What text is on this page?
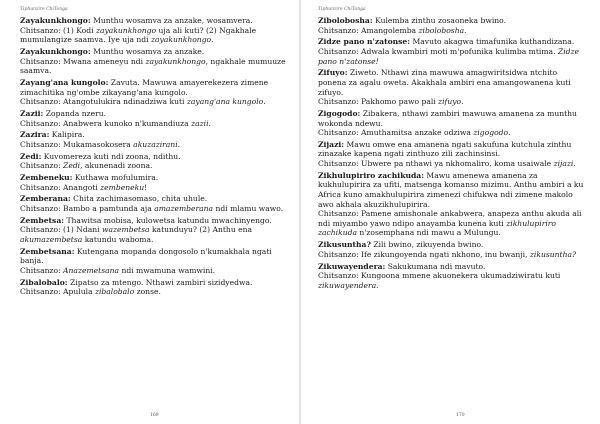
Tiphunzire ChiTonga
Zayakunkhongo: Munthu wosamva za anzake, wosamvera.
Chitsanzo: (1) Kodi zayakunkhongo uja ali kuti? (2) Ngakhale mumulangize saamva. Iye uja ndi zayakunkhongo.
Zayakunkhongo: Munthu wosamva za anzake.
Chitsanzo: Mwana ameneyu ndi zayakunkhongo, ngakhale mumuuze saamva.
Zayang'ana kungolo: Zavuta. Mawuwa amayerekezera zimene zimachitika ng'ombe zikayang'ana kungolo.
Chitsanzo: Atangotulukira ndinadziwa kuti zayang'ana kungolo.
Zazii: Zopanda nzeru.
Chitsanzo: Anabwera kunoko n'kumandiuza zazii.
Zazira: Kalipira.
Chitsanzo: Mukamasokosera akuzazirani.
Zedi: Kuvomereza kuti ndi zoona, ndithu.
Chitsanzo: Zedi, akunenadi zoona.
Zembeneku: Kuthawa mofulumira.
Chitsanzo: Anangoti zembeneku!
Zemberana: Chita zachimasomaso, chita uhule.
Chitsanzo: Bambo a pamtunda aja amazemberana ndi mlamu wawo.
Zembetsa: Thawitsa mobisa, kulowetsa katundu mwachinyengo.
Chitsanzo: (1) Ndani wazembetsa katunduyu? (2) Anthu ena akumazembetsa katundu waboma.
Zembetsana: Kutengana mopanda dongosolo n'kumakhala ngati banja.
Chitsanzo: Anazemetsana ndi mwamuna wamwini.
Zibalobalo: Zipatso za mtengo. Nthawi zambiri sizidyedwa.
Chitsanzo: Apulula zibalobalo zonse.
169
Tiphunzire ChiTonga
Zibolobosha: Kulemba zinthu zosaoneka bwino.
Chitsanzo: Amangolemba zibolobosha.
Zidze pano n'zatonse: Mavuto akagwa timafunika kuthandizana.
Chitsanzo: Adwala kwambiri moti m'pofunika kulimba mtima. Zidze pano n'zatonse!
Zifuyo: Ziweto. Nthawi zina mawuwa amagwiritsidwa ntchito ponena za agalu oweta. Akakhala ambiri ena amangowanena kuti zifuyo.
Chitsanzo: Pakhomo pawo pali zifuyo.
Zigogodo: Zibakera, nthawi zambiri mawuwa amanena za munthu wokonda ndewu.
Chitsanzo: Amuthamitsa anzake odziwa zigogodo.
Zijazi: Mawu omwe ena amanena ngati sakufuna kutchula zinthu zinazake kapena ngati zinthuzo zili zachinsinsi.
Chitsanzo: Ubwere pa nthawi ya nkhomaliro, koma usaiwale zijazi.
Zikhulupiriro zachikuda: Mawu amenewa amanena za kukhulupirira za ufiti, matsenga komanso mizimu. Anthu ambiri a ku Africa kuno amakhulupirira zimenezi chifukwa ndi zimene makolo awo akhala akuzikhulupirira.
Chitsanzo: Pamene amishonale ankabwera, anapeza anthu akuda ali ndi miyambo yawo ndipo anayamba kunena kuti zikhulupiriro zachikuda n'zosemphana ndi mawu a Mulungu.
Zikusuntha? Zili bwino, zikuyenda bwino.
Chitsanzo: Ife zikungoyenda ngati nkhono, inu bwanji, zikusuntha?
Zikuwayendera: Sakukumana ndi mavuto.
Chitsanzo: Kungoona mmene akuonekera ukumadziwiratu kuti zikuwayendera.
170
